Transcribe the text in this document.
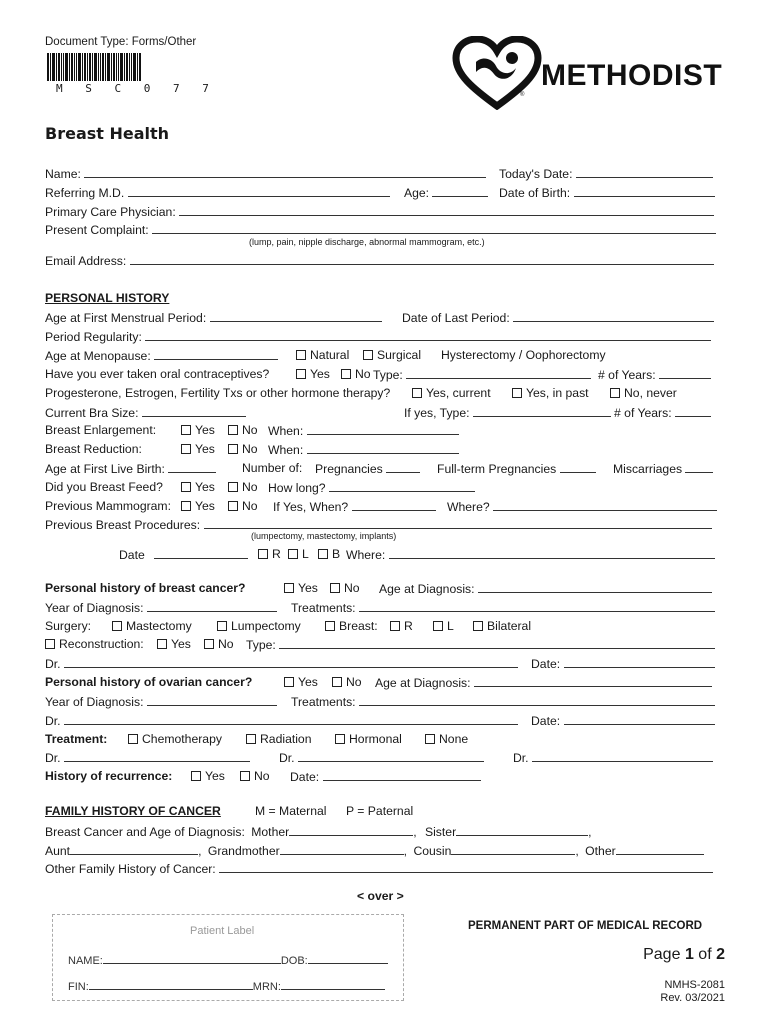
Document Type: Forms/Other
M S C 0 7 7	METHODIST
®
Breast Health
Name:	Today's Date:
Referring M.D.	Age:	Date of Birth:
Primary Care Physician:
Present Complaint:
(lump, pain, nipple discharge, abnormal mammogram, etc.)
Email Address:
PERSONAL HISTORY
Age at First Menstrual Period:	Date of Last Period:
Period Regularity:
Age at Menopause:	Natural	Surgical Hysterectomy / Oophorectomy
Have you ever taken oral contraceptives?	Yes	No Type:	# of Years:
Progesterone, Estrogen, Fertility Txs or other hormone therapy?	Yes, current	Yes, in past	No, never
Current Bra Size:	If yes, Type:	# of Years:
Breast Enlargement:	Yes	No When:
Breast Reduction:	Yes	No When:
Age at First Live Birth:	Number of: Pregnancies	Full-term Pregnancies	Miscarriages
Did you Breast Feed?	Yes	No How long?
Previous Mammogram:	Yes	No If Yes, When?	Where?
Previous Breast Procedures:
(lumpectomy, mastectomy, implants)
Date	R	L	B Where:
Personal history of breast cancer?	Yes	No Age at Diagnosis:
Year of Diagnosis:	Treatments:
Surgery:	Mastectomy	Lumpectomy	Breast:	R	L	Bilateral
Reconstruction:	Yes	No Type:
Dr.	Date:
Personal history of ovarian cancer?	Yes	No Age at Diagnosis:
Year of Diagnosis:	Treatments:
Dr.	Date:
Treatment:	Chemotherapy	Radiation	Hormonal	None
Dr.	Dr.	Dr.
History of recurrence:	Yes	No Date:
FAMILY HISTORY OF CANCER	M = Maternal P = Paternal
Breast Cancer and Age of Diagnosis: Mother	, Sister	,
Aunt	, Grandmother	, Cousin	, Other
Other Family History of Cancer:
< over >
Patient Label
NAME:	DOB:
FIN:	MRN:
PERMANENT PART OF MEDICAL RECORD
Page 1 of 2
NMHS-2081
Rev. 03/2021
